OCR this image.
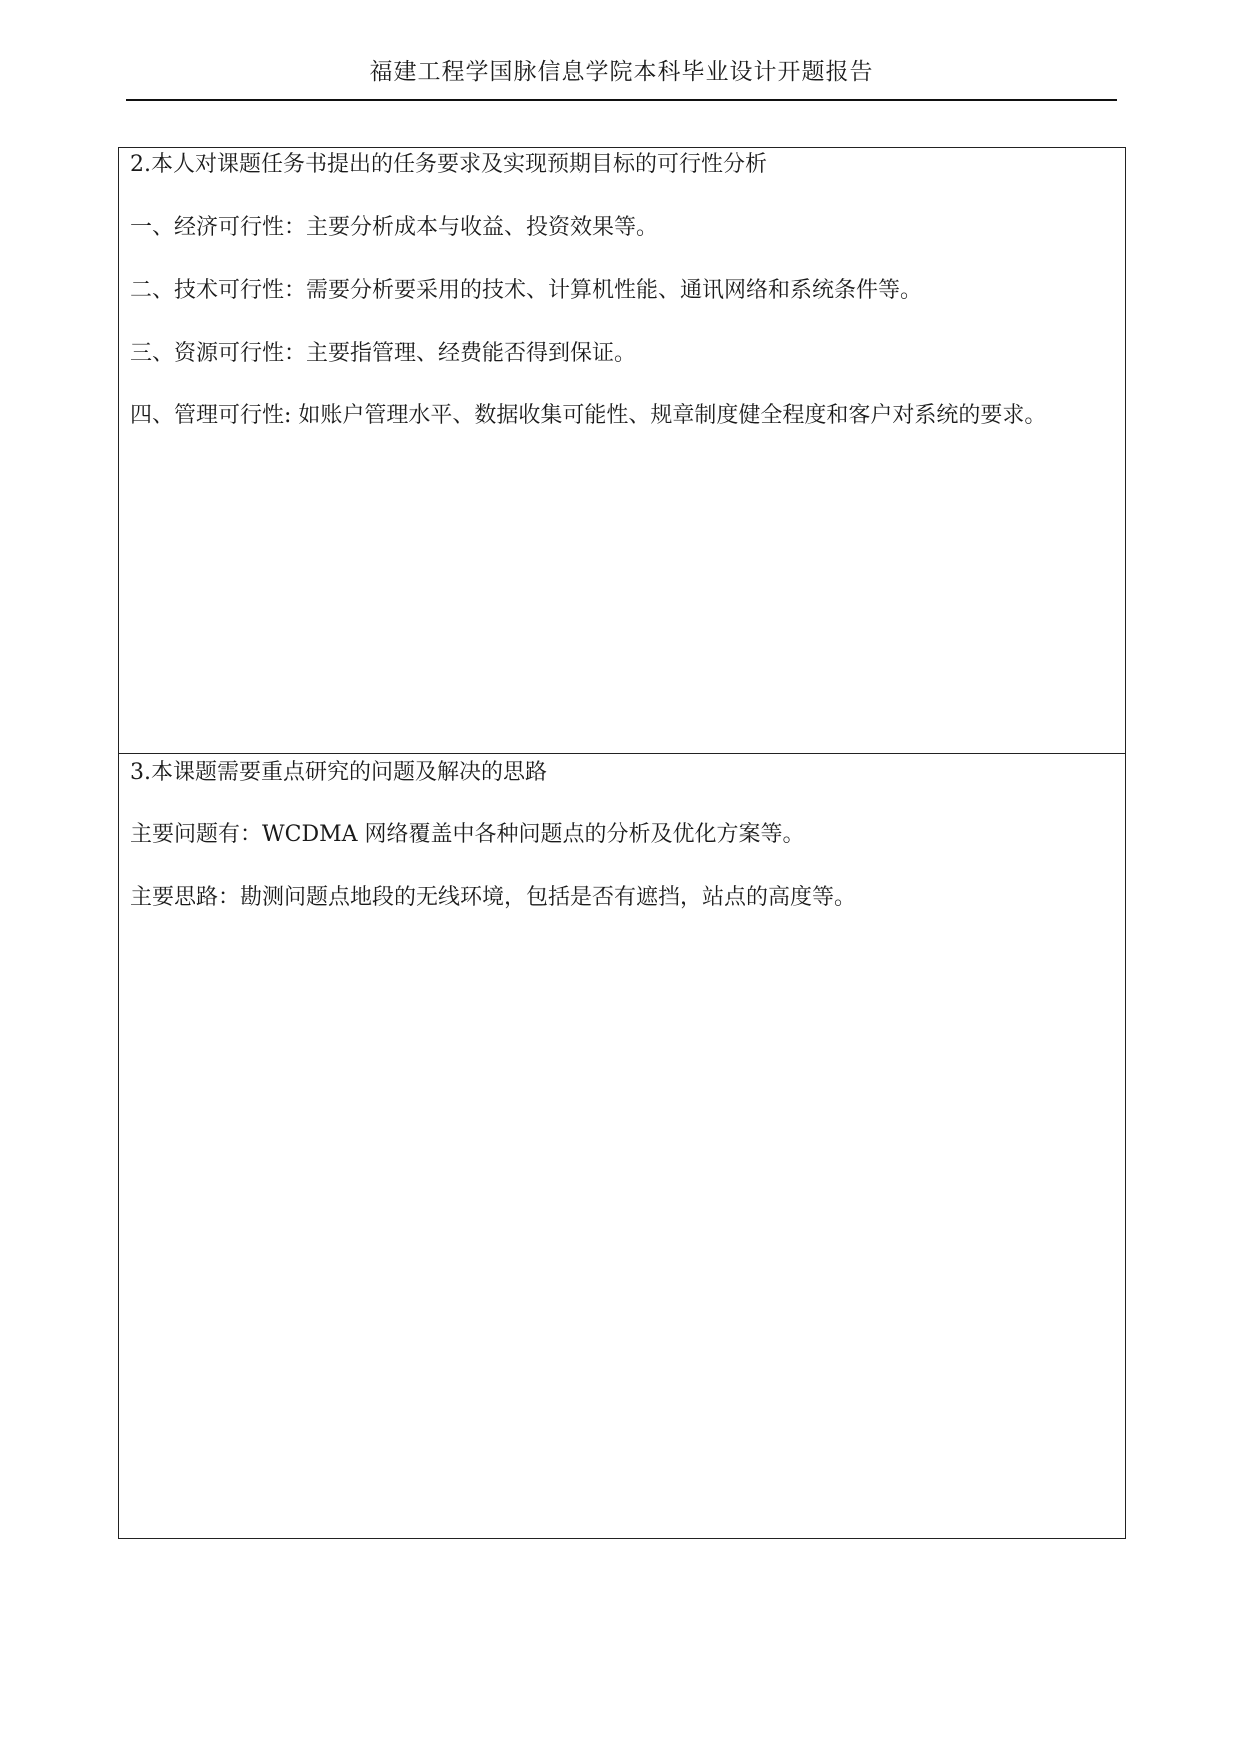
福建工程学国脉信息学院本科毕业设计开题报告
2.本人对课题任务书提出的任务要求及实现预期目标的可行性分析

一、经济可行性：主要分析成本与收益、投资效果等。

二、技术可行性：需要分析要采用的技术、计算机性能、通讯网络和系统条件等。

三、资源可行性：主要指管理、经费能否得到保证。

四、管理可行性: 如账户管理水平、数据收集可能性、规章制度健全程度和客户对系统的要求。

3.本课题需要重点研究的问题及解决的思路

主要问题有：WCDMA 网络覆盖中各种问题点的分析及优化方案等。

主要思路：勘测问题点地段的无线环境，包括是否有遮挡，站点的高度等。
